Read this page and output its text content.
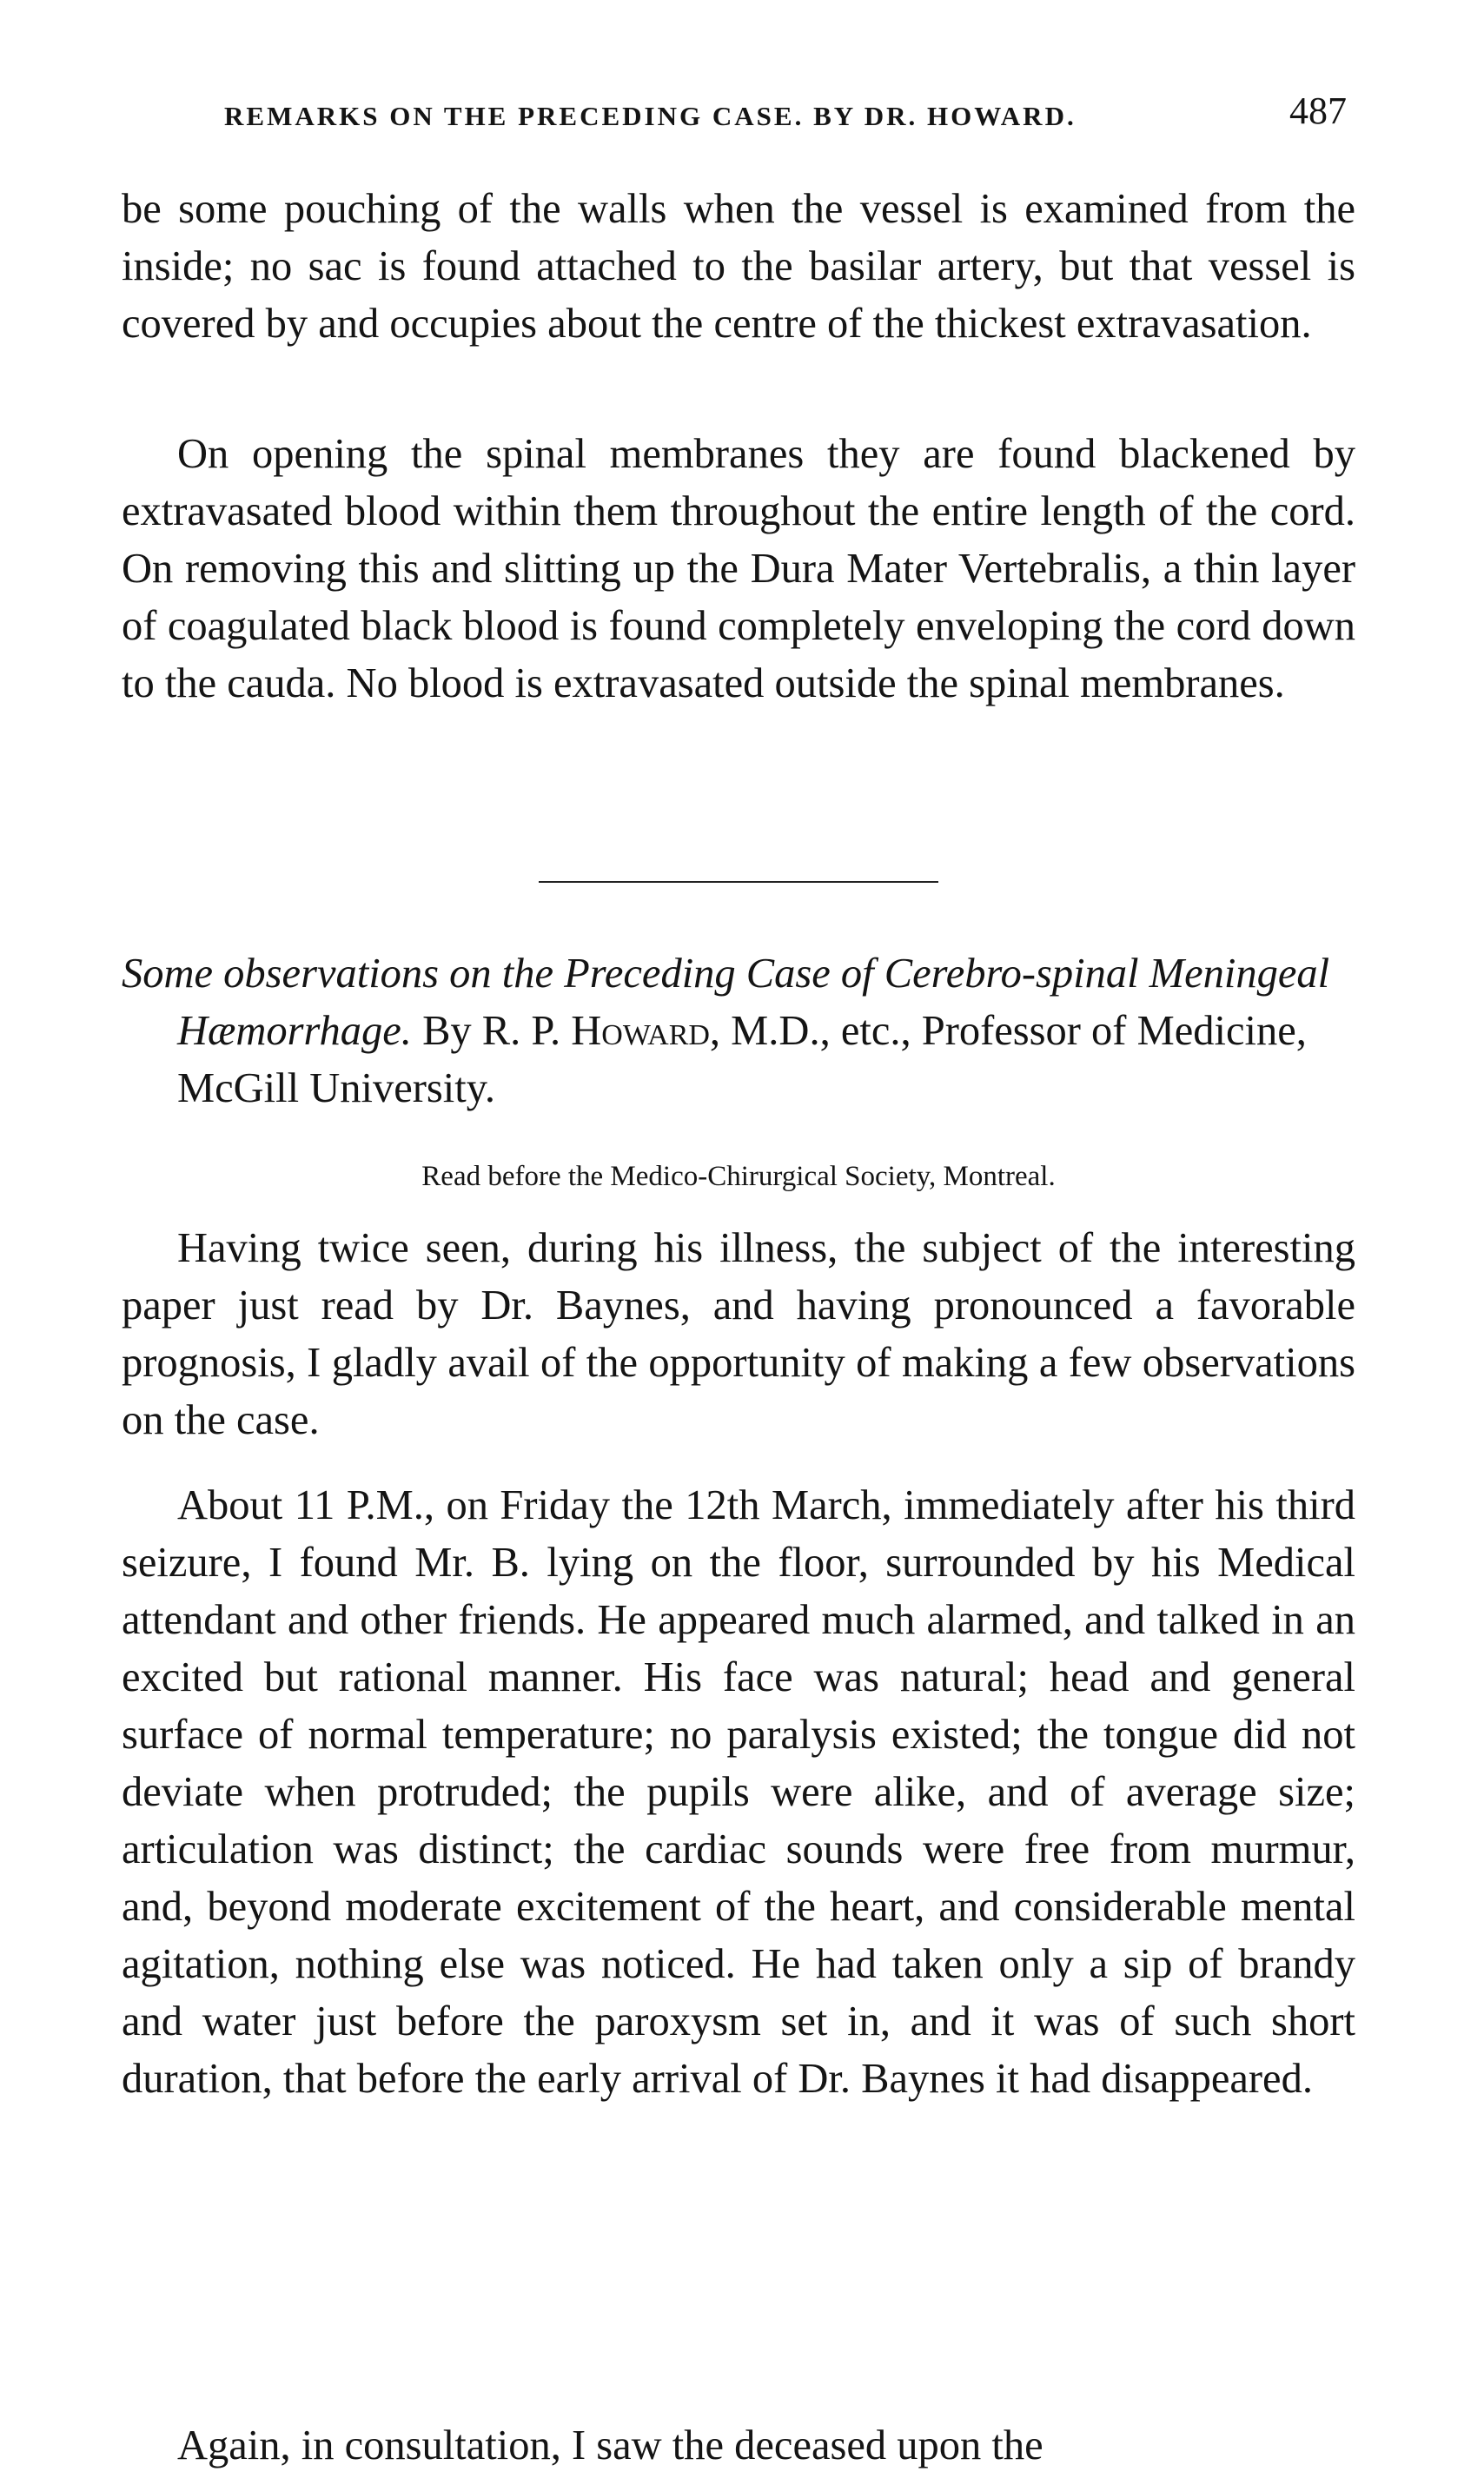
REMARKS ON THE PRECEDING CASE. BY DR. HOWARD.	487

be some pouching of the walls when the vessel is examined from the inside; no sac is found attached to the basilar artery, but that vessel is covered by and occupies about the centre of the thickest extravasation.

On opening the spinal membranes they are found blackened by extravasated blood within them throughout the entire length of the cord. On removing this and slitting up the Dura Mater Vertebralis, a thin layer of coagulated black blood is found completely enveloping the cord down to the cauda. No blood is extravasated outside the spinal membranes.

Some observations on the Preceding Case of Cerebro-spinal Meningeal Hæmorrhage. By R. P. Howard, M.D., etc., Professor of Medicine, McGill University.

Read before the Medico-Chirurgical Society, Montreal.

Having twice seen, during his illness, the subject of the interesting paper just read by Dr. Baynes, and having pronounced a favorable prognosis, I gladly avail of the opportunity of making a few observations on the case.

About 11 P.M., on Friday the 12th March, immediately after his third seizure, I found Mr. B. lying on the floor, surrounded by his Medical attendant and other friends. He appeared much alarmed, and talked in an excited but rational manner. His face was natural; head and general surface of normal temperature; no paralysis existed; the tongue did not deviate when protruded; the pupils were alike, and of average size; articulation was distinct; the cardiac sounds were free from murmur, and, beyond moderate excitement of the heart, and considerable mental agitation, nothing else was noticed. He had taken only a sip of brandy and water just before the paroxysm set in, and it was of such short duration, that before the early arrival of Dr. Baynes it had disappeared.

Again, in consultation, I saw the deceased upon the
